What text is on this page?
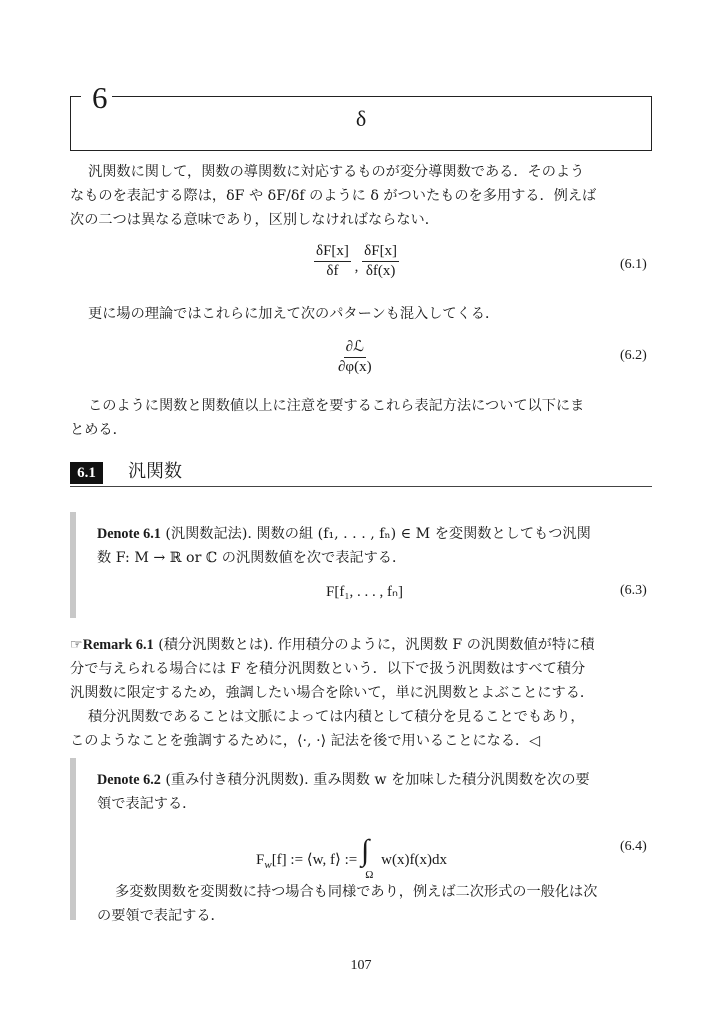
6
δ
汎関数に関して，関数の導関数に対応するものが変分導関数である．そのよう
なものを表記する際は，δF や δF/δf のように δ がついたものを多用する．例えば
次の二つは異なる意味であり，区別しなければならない．
$\frac{\delta F[x]}{\delta f}$ , $\frac{\delta F[x]}{\delta f(x)}$	(6.1)
更に場の理論ではこれらに加えて次のパターンも混入してくる．
$\frac{\text{∂ℒ}}{\partial\varphi(x)}$	(6.2)
このように関数と関数値以上に注意を要するこれら表記方法について以下にま
とめる．
6.1	汎関数
Denote 6.1 (汎関数記法). 関数の組 (f₁, . . . , fₙ) ∈ M を変関数としてもつ汎関
数 F: M → ℝ or ℂ の汎関数値を次で表記する．
F[f₁, . . . , fₙ]	(6.3)
☞Remark 6.1 (積分汎関数とは). 作用積分のように，汎関数 F の汎関数値が特に積
分で与えられる場合には F を積分汎関数という．以下で扱う汎関数はすべて積分
汎関数に限定するため，強調したい場合を除いて，単に汎関数とよぶことにする．
積分汎関数であることは文脈によっては内積として積分を見ることでもあり，
このようなことを強調するために，⟨·, ·⟩ 記法を後で用いることになる．◁
Denote 6.2 (重み付き積分汎関数). 重み関数 w を加味した積分汎関数を次の要
領で表記する．
$F_w[f]$ := ⟨w, f⟩ := $\int_\Omega$ w(x)f(x)dx
(6.4)
多変数関数を変関数に持つ場合も同様であり，例えば二次形式の一般化は次
の要領で表記する．
107
